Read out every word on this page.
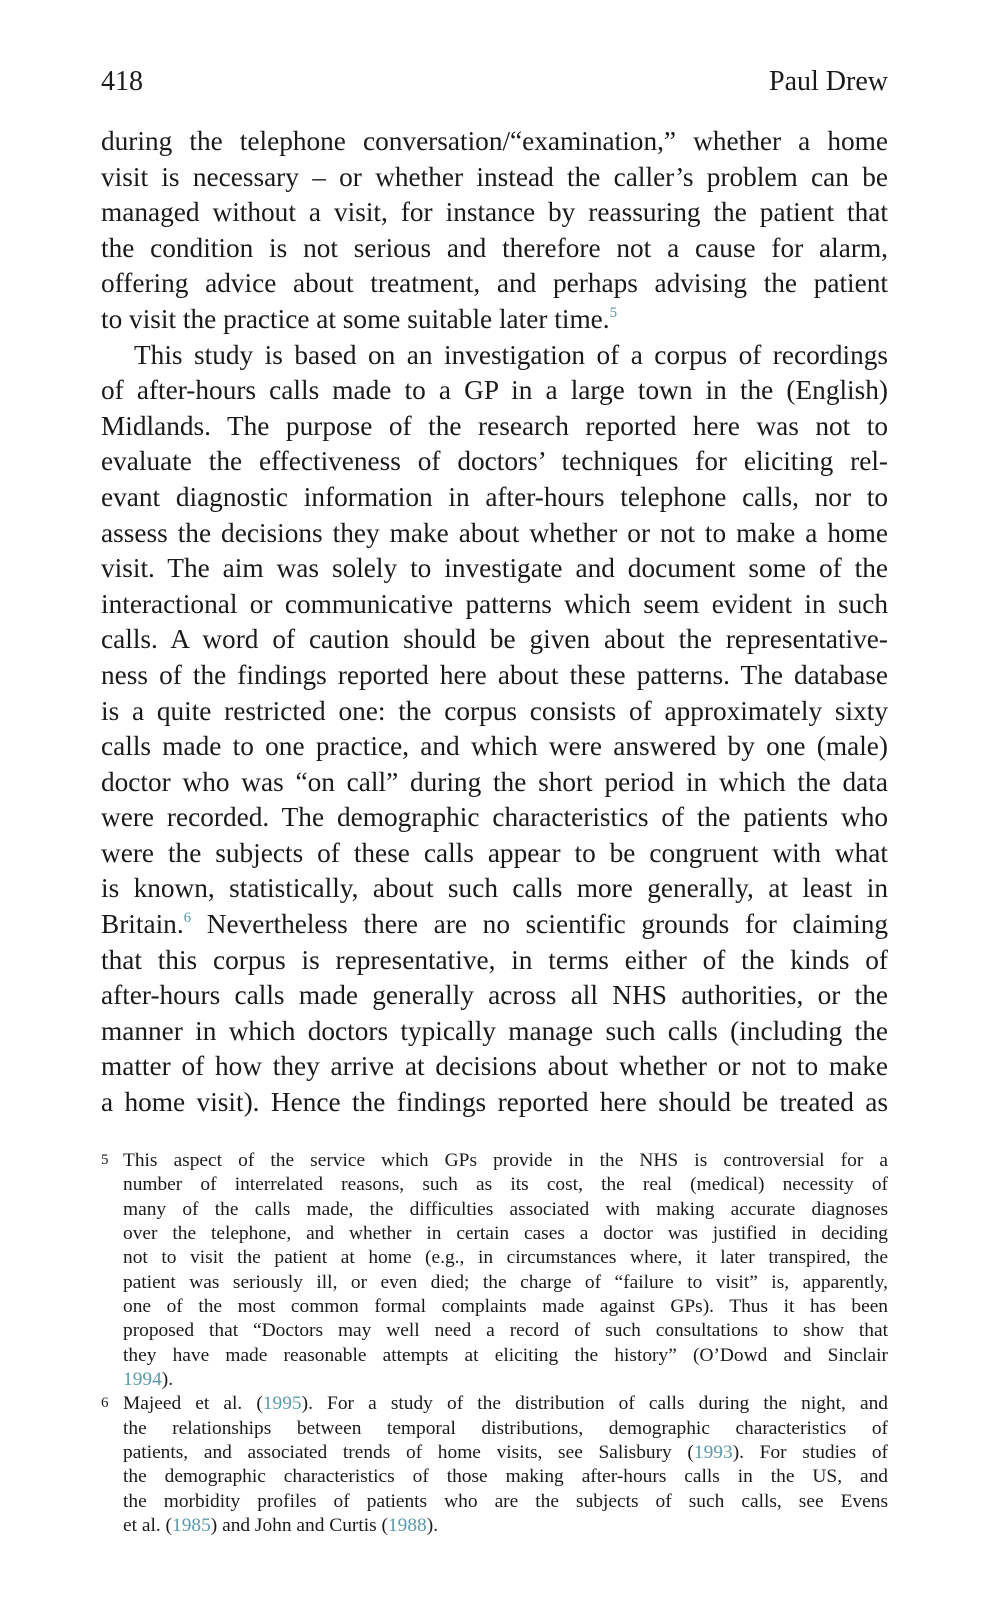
418	Paul Drew
during the telephone conversation/“examination,” whether a home
visit is necessary – or whether instead the caller’s problem can be
managed without a visit, for instance by reassuring the patient that
the condition is not serious and therefore not a cause for alarm,
offering advice about treatment, and perhaps advising the patient
to visit the practice at some suitable later time.$^5$
This study is based on an investigation of a corpus of recordings
of after-hours calls made to a GP in a large town in the (English)
Midlands. The purpose of the research reported here was not to
evaluate the effectiveness of doctors’ techniques for eliciting rel-
evant diagnostic information in after-hours telephone calls, nor to
assess the decisions they make about whether or not to make a home
visit. The aim was solely to investigate and document some of the
interactional or communicative patterns which seem evident in such
calls. A word of caution should be given about the representative-
ness of the findings reported here about these patterns. The database
is a quite restricted one: the corpus consists of approximately sixty
calls made to one practice, and which were answered by one (male)
doctor who was “on call” during the short period in which the data
were recorded. The demographic characteristics of the patients who
were the subjects of these calls appear to be congruent with what
is known, statistically, about such calls more generally, at least in
Britain.$^6$ Nevertheless there are no scientific grounds for claiming
that this corpus is representative, in terms either of the kinds of
after-hours calls made generally across all NHS authorities, or the
manner in which doctors typically manage such calls (including the
matter of how they arrive at decisions about whether or not to make
a home visit). Hence the findings reported here should be treated as
5 This aspect of the service which GPs provide in the NHS is controversial for a
number of interrelated reasons, such as its cost, the real (medical) necessity of
many of the calls made, the difficulties associated with making accurate diagnoses
over the telephone, and whether in certain cases a doctor was justified in deciding
not to visit the patient at home (e.g., in circumstances where, it later transpired, the
patient was seriously ill, or even died; the charge of “failure to visit” is, apparently,
one of the most common formal complaints made against GPs). Thus it has been
proposed that “Doctors may well need a record of such consultations to show that
they have made reasonable attempts at eliciting the history” (O’Dowd and Sinclair
1994).
6 Majeed et al. (1995). For a study of the distribution of calls during the night, and
the relationships between temporal distributions, demographic characteristics of
patients, and associated trends of home visits, see Salisbury (1993). For studies of
the demographic characteristics of those making after-hours calls in the US, and
the morbidity profiles of patients who are the subjects of such calls, see Evens
et al. (1985) and John and Curtis (1988).
